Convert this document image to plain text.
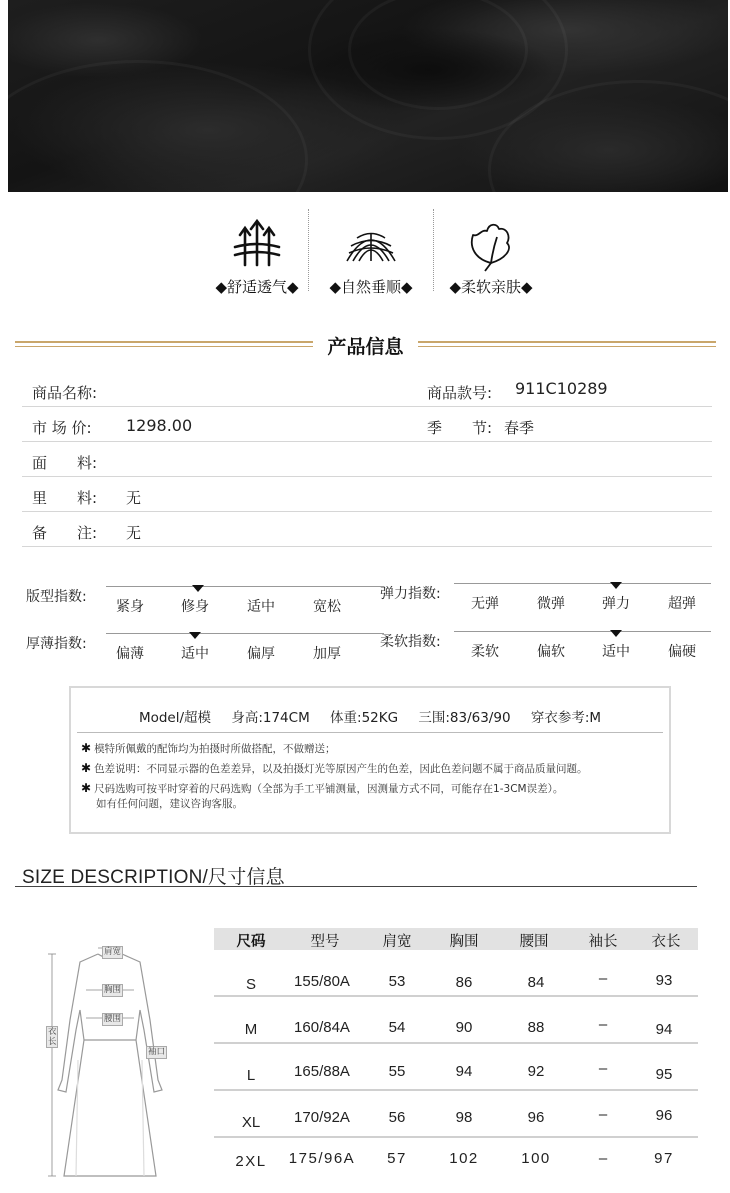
◆舒适透气◆	◆自然垂顺◆	◆柔软亲肤◆
产品信息
商品名称:	商品款号: 911C10289
市 场 价: 1298.00	季　　节: 春季
面　　料:
里　　料: 无
备　　注: 无
版型指数:
紧身	修身	适中	宽松
弹力指数:
无弹	微弹	弹力	超弹
厚薄指数:
偏薄	适中	偏厚	加厚
柔软指数:
柔软	偏软	适中	偏硬
Model/超模 身高:174CM 体重:52KG 三围:83/63/90 穿衣参考:M
✱ 模特所佩戴的配饰均为拍摄时所做搭配，不做赠送；
✱ 色差说明：不同显示器的色差差异，以及拍摄灯光等原因产生的色差，因此色差问题不属于商品质量问题。
✱ 尺码选购可按平时穿着的尺码选购（全部为手工平铺测量，因测量方式不同，可能存在1-3CM误差）。
如有任何问题，建议咨询客服。
SIZE DESCRIPTION/尺寸信息
肩宽
胸围
腰围
衣长
袖口
尺码	型号	肩宽	胸围	腰围	袖长 衣长
S	155/80A	53	86	84	–	93
M 160/84A	54	90	88	–	94
L	165/88A	55	94	92	–	95
XL 170/92A	56	98	96	–	96
2XL 175/96A 57	102	100	–	97
